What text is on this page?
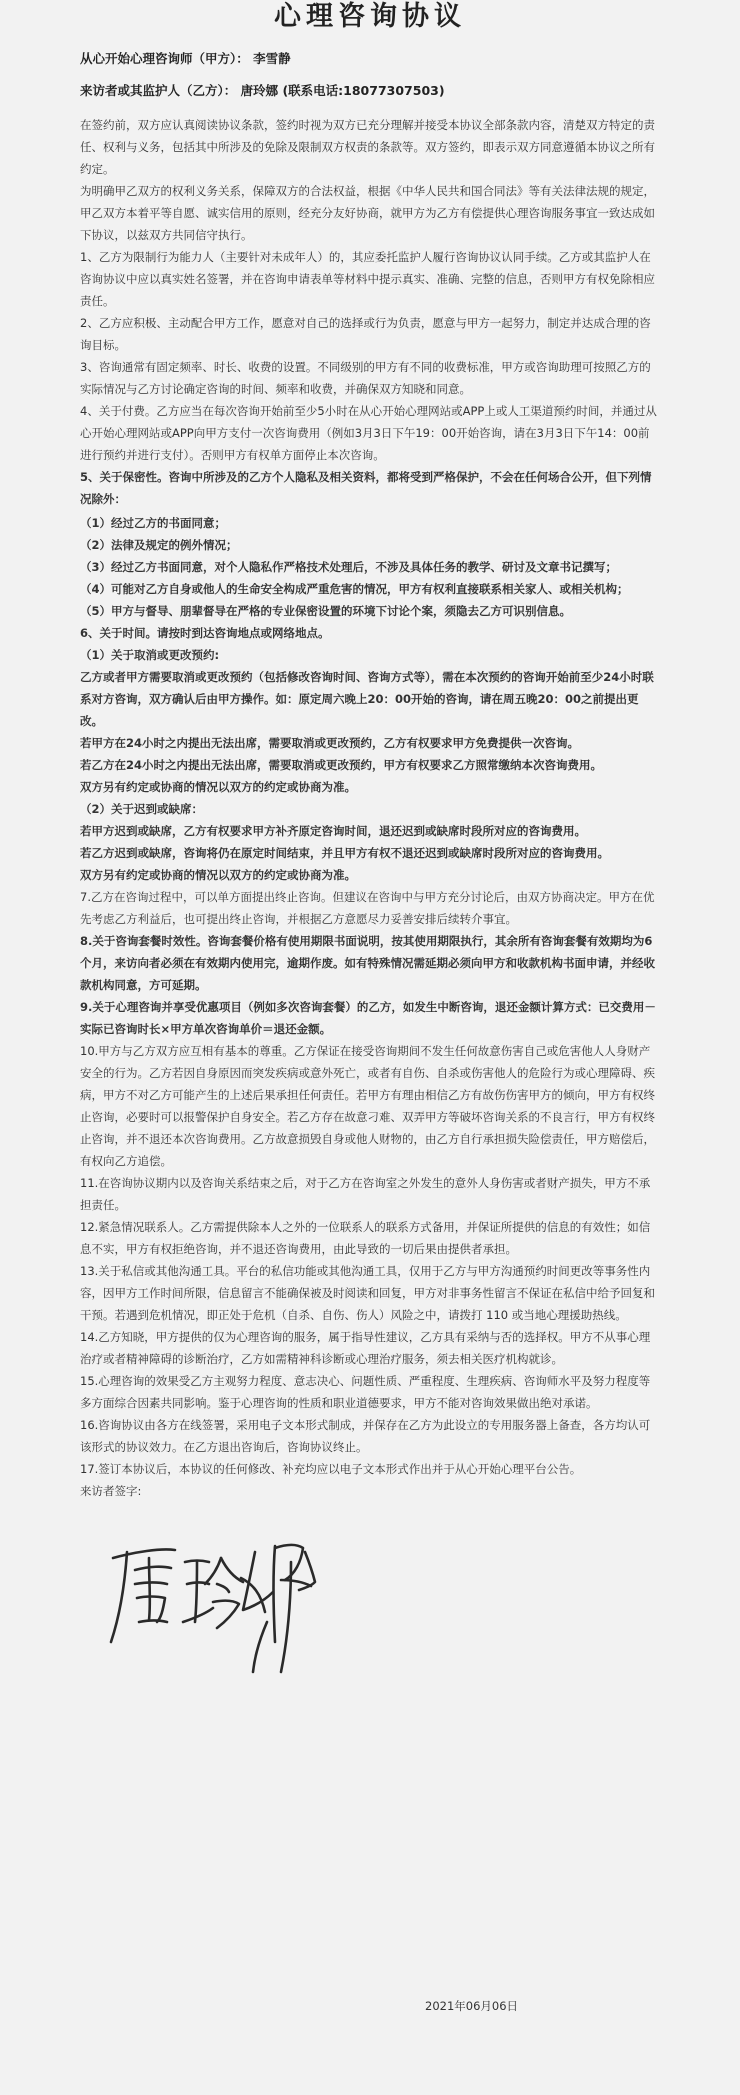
心理咨询协议
从心开始心理咨询师（甲方）： 李雪静
来访者或其监护人（乙方）： 唐玲娜 (联系电话:18077307503)

在签约前，双方应认真阅读协议条款，签约时视为双方已充分理解并接受本协议全部条款内容，清楚双方特定的责任、权利与义务，包括其中所涉及的免除及限制双方权责的条款等。双方签约，即表示双方同意遵循本协议之所有约定。

为明确甲乙双方的权利义务关系，保障双方的合法权益，根据《中华人民共和国合同法》等有关法律法规的规定，甲乙双方本着平等自愿、诚实信用的原则，经充分友好协商，就甲方为乙方有偿提供心理咨询服务事宜一致达成如下协议，以兹双方共同信守执行。

1、乙方为限制行为能力人（主要针对未成年人）的，其应委托监护人履行咨询协议认同手续。乙方或其监护人在咨询协议中应以真实姓名签署，并在咨询申请表单等材料中提示真实、准确、完整的信息，否则甲方有权免除相应责任。

2、乙方应积极、主动配合甲方工作，愿意对自己的选择或行为负责，愿意与甲方一起努力，制定并达成合理的咨询目标。

3、咨询通常有固定频率、时长、收费的设置。不同级别的甲方有不同的收费标准，甲方或咨询助理可按照乙方的实际情况与乙方讨论确定咨询的时间、频率和收费，并确保双方知晓和同意。

4、关于付费。乙方应当在每次咨询开始前至少5小时在从心开始心理网站或APP上或人工渠道预约时间，并通过从心开始心理网站或APP向甲方支付一次咨询费用（例如3月3日下午19：00开始咨询，请在3月3日下午14：00前进行预约并进行支付）。否则甲方有权单方面停止本次咨询。

5、关于保密性。咨询中所涉及的乙方个人隐私及相关资料，都将受到严格保护，不会在任何场合公开，但下列情况除外：

（1）经过乙方的书面同意；

（2）法律及规定的例外情况；

（3）经过乙方书面同意，对个人隐私作严格技术处理后，不涉及具体任务的教学、研讨及文章书记撰写；

（4）可能对乙方自身或他人的生命安全构成严重危害的情况，甲方有权利直接联系相关家人、或相关机构；

（5）甲方与督导、朋辈督导在严格的专业保密设置的环境下讨论个案，须隐去乙方可识别信息。

6、关于时间。请按时到达咨询地点或网络地点。

（1）关于取消或更改预约:

乙方或者甲方需要取消或更改预约（包括修改咨询时间、咨询方式等），需在本次预约的咨询开始前至少24小时联系对方咨询，双方确认后由甲方操作。如：原定周六晚上20：00开始的咨询，请在周五晚20：00之前提出更改。

若甲方在24小时之内提出无法出席，需要取消或更改预约，乙方有权要求甲方免费提供一次咨询。

若乙方在24小时之内提出无法出席，需要取消或更改预约，甲方有权要求乙方照常缴纳本次咨询费用。

双方另有约定或协商的情况以双方的约定或协商为准。

（2）关于迟到或缺席：

若甲方迟到或缺席，乙方有权要求甲方补齐原定咨询时间，退还迟到或缺席时段所对应的咨询费用。

若乙方迟到或缺席，咨询将仍在原定时间结束，并且甲方有权不退还迟到或缺席时段所对应的咨询费用。

双方另有约定或协商的情况以双方的约定或协商为准。

7.乙方在咨询过程中，可以单方面提出终止咨询。但建议在咨询中与甲方充分讨论后，由双方协商决定。甲方在优先考虑乙方利益后，也可提出终止咨询，并根据乙方意愿尽力妥善安排后续转介事宜。

8.关于咨询套餐时效性。咨询套餐价格有使用期限书面说明，按其使用期限执行，其余所有咨询套餐有效期均为6个月，来访向者必须在有效期内使用完，逾期作废。如有特殊情况需延期必须向甲方和收款机构书面申请，并经收款机构同意，方可延期。

9.关于心理咨询并享受优惠项目（例如多次咨询套餐）的乙方，如发生中断咨询，退还金额计算方式：已交费用－实际已咨询时长×甲方单次咨询单价＝退还金额。

10.甲方与乙方双方应互相有基本的尊重。乙方保证在接受咨询期间不发生任何故意伤害自己或危害他人人身财产安全的行为。乙方若因自身原因而突发疾病或意外死亡，或者有自伤、自杀或伤害他人的危险行为或心理障碍、疾病，甲方不对乙方可能产生的上述后果承担任何责任。若甲方有理由相信乙方有故伤伤害甲方的倾向，甲方有权终止咨询，必要时可以报警保护自身安全。若乙方存在故意刁难、双弄甲方等破坏咨询关系的不良言行，甲方有权终止咨询，并不退还本次咨询费用。乙方故意损毁自身或他人财物的，由乙方自行承担损失险偿责任，甲方赔偿后，有权向乙方追偿。

11.在咨询协议期内以及咨询关系结束之后，对于乙方在咨询室之外发生的意外人身伤害或者财产损失，甲方不承担责任。

12.紧急情况联系人。乙方需提供除本人之外的一位联系人的联系方式备用，并保证所提供的信息的有效性；如信息不实，甲方有权拒绝咨询，并不退还咨询费用，由此导致的一切后果由提供者承担。

13.关于私信或其他沟通工具。平台的私信功能或其他沟通工具，仅用于乙方与甲方沟通预约时间更改等事务性内容，因甲方工作时间所限，信息留言不能确保被及时阅读和回复，甲方对非事务性留言不保证在私信中给予回复和干预。若遇到危机情况，即正处于危机（自杀、自伤、伤人）风险之中，请拨打 110 或当地心理援助热线。

14.乙方知晓，甲方提供的仅为心理咨询的服务，属于指导性建议，乙方具有采纳与否的选择权。甲方不从事心理治疗或者精神障碍的诊断治疗，乙方如需精神科诊断或心理治疗服务，须去相关医疗机构就诊。

15.心理咨询的效果受乙方主观努力程度、意志决心、问题性质、严重程度、生理疾病、咨询师水平及努力程度等多方面综合因素共同影响。鉴于心理咨询的性质和职业道德要求，甲方不能对咨询效果做出绝对承诺。

16.咨询协议由各方在线签署，采用电子文本形式制成，并保存在乙方为此设立的专用服务器上备查，各方均认可该形式的协议效力。在乙方退出咨询后，咨询协议终止。

17.签订本协议后，本协议的任何修改、补充均应以电子文本形式作出并于从心开始心理平台公告。

来访者签字:

2021年06月06日
